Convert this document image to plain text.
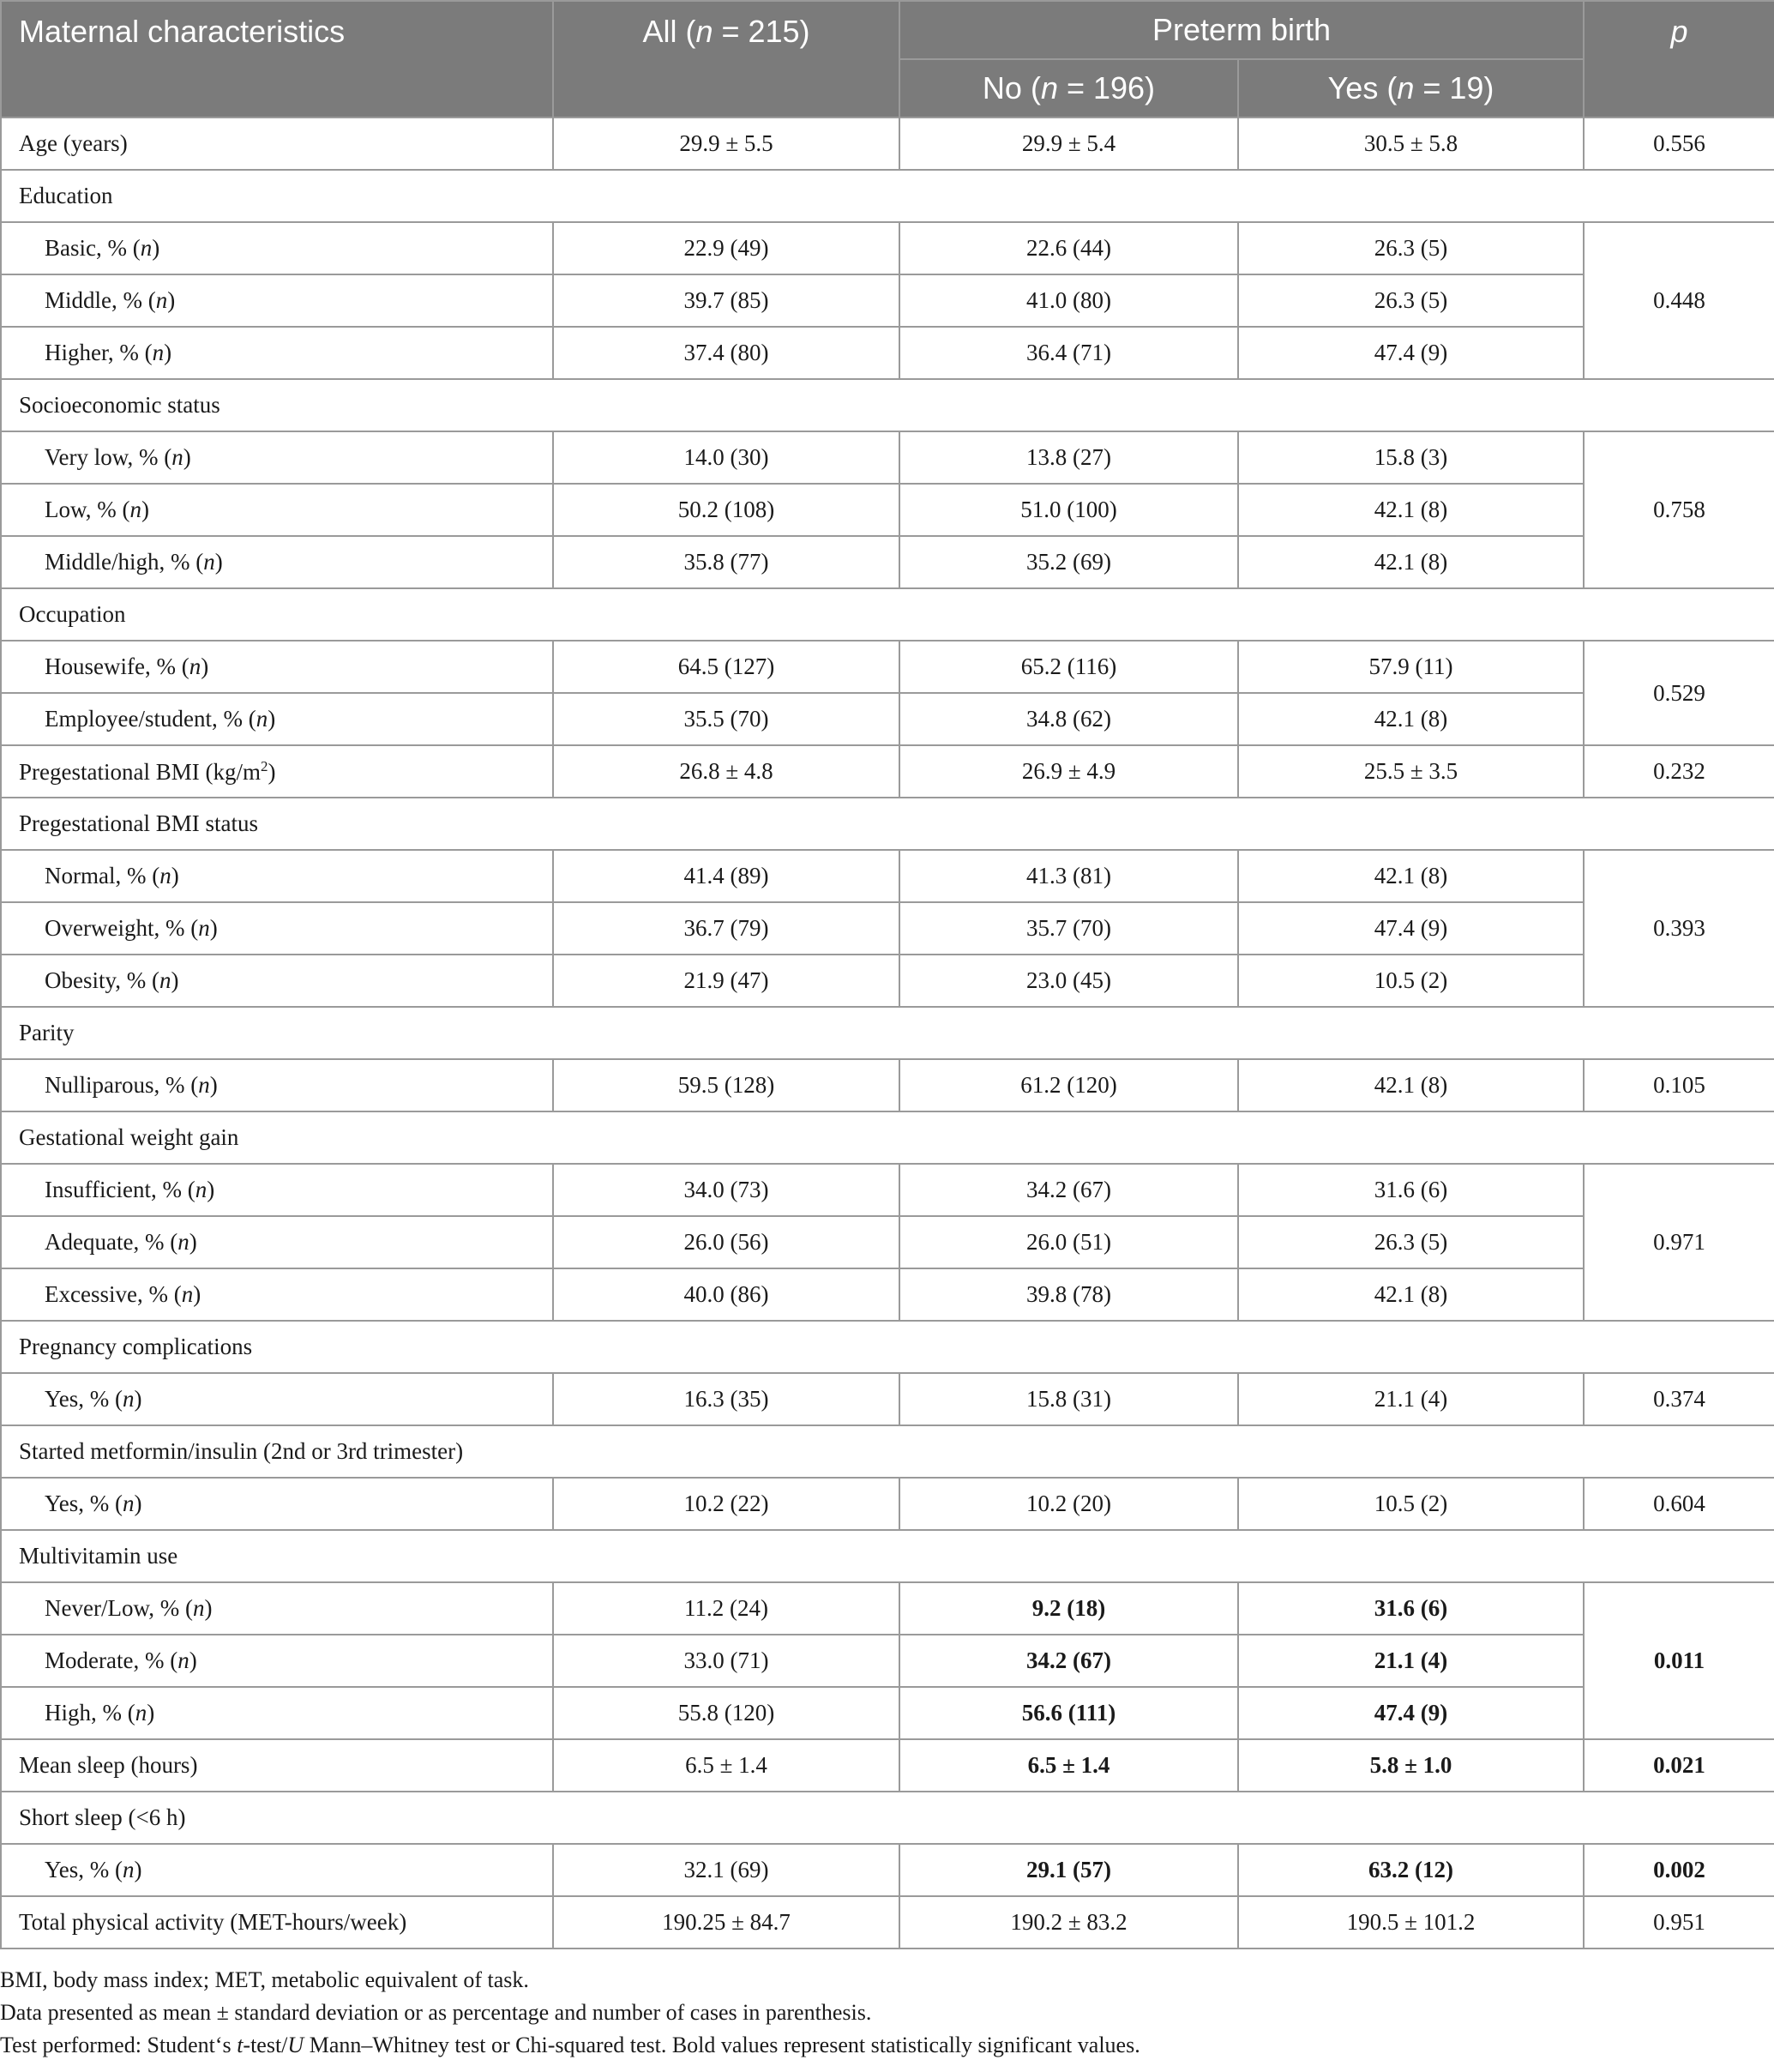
Maternal characteristics	All (n = 215)	Preterm birth		p
		No (n = 196)	Yes (n = 19)	
Age (years)	29.9 ± 5.5	29.9 ± 5.4	30.5 ± 5.8	0.556
Education				
Basic, % (n)	22.9 (49)	22.6 (44)	26.3 (5)	0.448
Middle, % (n)	39.7 (85)	41.0 (80)	26.3 (5)	
Higher, % (n)	37.4 (80)	36.4 (71)	47.4 (9)	
Socioeconomic status				
Very low, % (n)	14.0 (30)	13.8 (27)	15.8 (3)	0.758
Low, % (n)	50.2 (108)	51.0 (100)	42.1 (8)	
Middle/high, % (n)	35.8 (77)	35.2 (69)	42.1 (8)	
Occupation				
Housewife, % (n)	64.5 (127)	65.2 (116)	57.9 (11)	0.529
Employee/student, % (n)	35.5 (70)	34.8 (62)	42.1 (8)	
Pregestational BMI $(kg/m^2)$	26.8 ± 4.8	26.9 ± 4.9	25.5 ± 3.5	0.232
Pregestational BMI status				
Normal, % (n)	41.4 (89)	41.3 (81)	42.1 (8)	0.393
Overweight, % (n)	36.7 (79)	35.7 (70)	47.4 (9)	
Obesity, % (n)	21.9 (47)	23.0 (45)	10.5 (2)	
Parity				
Nulliparous, % (n)	59.5 (128)	61.2 (120)	42.1 (8)	0.105
Gestational weight gain				
Insufficient, % (n)	34.0 (73)	34.2 (67)	31.6 (6)	0.971
Adequate, % (n)	26.0 (56)	26.0 (51)	26.3 (5)	
Excessive, % (n)	40.0 (86)	39.8 (78)	42.1 (8)	
Pregnancy complications				
Yes, % (n)	16.3 (35)	15.8 (31)	21.1 (4)	0.374
Started metformin/insulin (2nd or 3rd trimester)				
Yes, % (n)	10.2 (22)	10.2 (20)	10.5 (2)	0.604
Multivitamin use				
Never/Low, % (n)	11.2 (24)	9.2 (18)	31.6 (6)	0.011
Moderate, % (n)	33.0 (71)	34.2 (67)	21.1 (4)	
High, % (n)	55.8 (120)	56.6 (111)	47.4 (9)	
Mean sleep (hours)	6.5 ± 1.4	6.5 ± 1.4	5.8 ± 1.0	0.021
Short sleep (<6 h)				
Yes, % (n)	32.1 (69)	29.1 (57)	63.2 (12)	0.002
Total physical activity (MET-hours/week)	190.25 ± 84.7	190.2 ± 83.2	190.5 ± 101.2	0.951
BMI, body mass index; MET, metabolic equivalent of task.
Data presented as mean ± standard deviation or as percentage and number of cases in parenthesis.
Test performed: Student‘s t-test/U Mann–Whitney test or Chi-squared test. Bold values represent statistically significant values.
